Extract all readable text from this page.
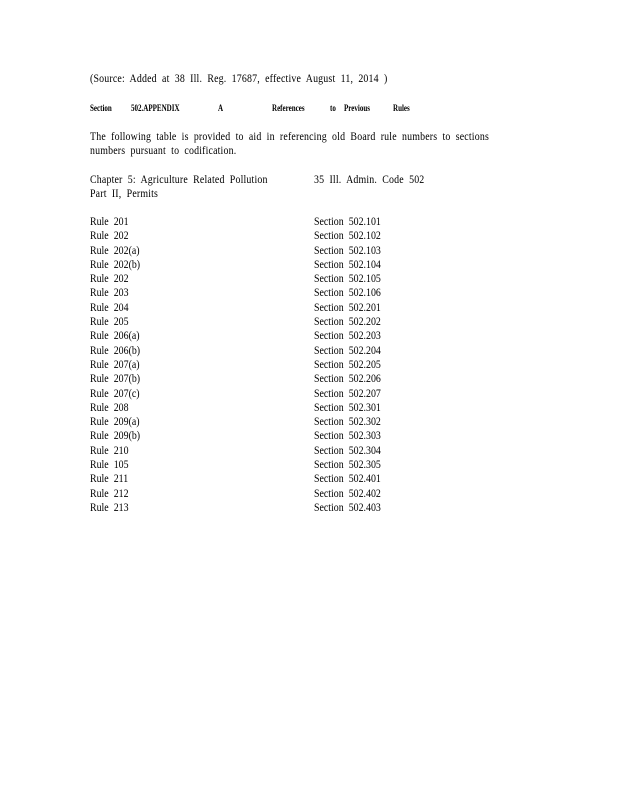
(Source: Added at 38 Ill. Reg. 17687, effective August 11, 2014 )
Section 502.APPENDIX	A	References	to Previous	Rules
The following table is provided to aid in referencing old Board rule numbers to sections
numbers pursuant to codification.
Chapter 5: Agriculture Related Pollution	35 Ill. Admin. Code 502
Part II, Permits
Rule 201	Section 502.101
Rule 202	Section 502.102
Rule 202(a)	Section 502.103
Rule 202(b)	Section 502.104
Rule 202	Section 502.105
Rule 203	Section 502.106
Rule 204	Section 502.201
Rule 205	Section 502.202
Rule 206(a)	Section 502.203
Rule 206(b)	Section 502.204
Rule 207(a)	Section 502.205
Rule 207(b)	Section 502.206
Rule 207(c)	Section 502.207
Rule 208	Section 502.301
Rule 209(a)	Section 502.302
Rule 209(b)	Section 502.303
Rule 210	Section 502.304
Rule 105	Section 502.305
Rule 211	Section 502.401
Rule 212	Section 502.402
Rule 213	Section 502.403
